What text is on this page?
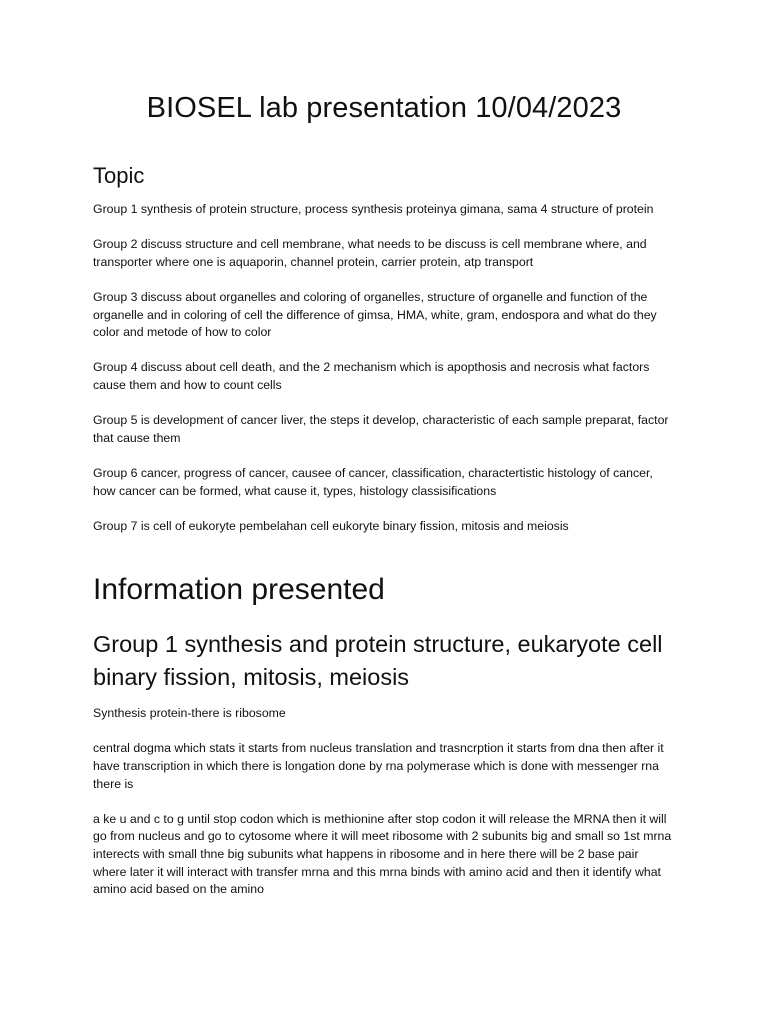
BIOSEL lab presentation 10/04/2023
Topic

Group 1 synthesis of protein structure, process synthesis proteinya gimana, sama 4 structure of protein

Group 2 discuss structure and cell membrane, what needs to be discuss is cell membrane where, and transporter where one is aquaporin, channel protein, carrier protein, atp transport

Group 3 discuss about organelles and coloring of organelles, structure of organelle and function of the organelle and in coloring of cell the difference of gimsa, HMA, white, gram, endospora and what do they color and metode of how to color

Group 4 discuss about cell death, and the 2 mechanism which is apopthosis and necrosis what factors cause them and how to count cells

Group 5 is development of cancer liver, the steps it develop, characteristic of each sample preparat, factor that cause them

Group 6 cancer, progress of cancer, causee of cancer, classification, charactertistic histology of cancer, how cancer can be formed, what cause it, types, histology classisifications

Group 7 is cell of eukoryte pembelahan cell eukoryte binary fission, mitosis and meiosis

Information presented
Group 1 synthesis and protein structure, eukaryote cell binary fission, mitosis, meiosis

Synthesis protein-there is ribosome

central dogma which stats it starts from nucleus translation and trasncrption it starts from dna then after it have transcription in which there is longation done by rna polymerase which is done with messenger rna there is

a ke u and c to g until stop codon which is methionine after stop codon it will release the MRNA then it will go from nucleus and go to cytosome where it will meet ribosome with 2 subunits big and small so 1st mrna interects with small thne big subunits what happens in ribosome and in here there will be 2 base pair where later it will interact with transfer mrna and this mrna binds with amino acid and then it identify what amino acid based on the amino
